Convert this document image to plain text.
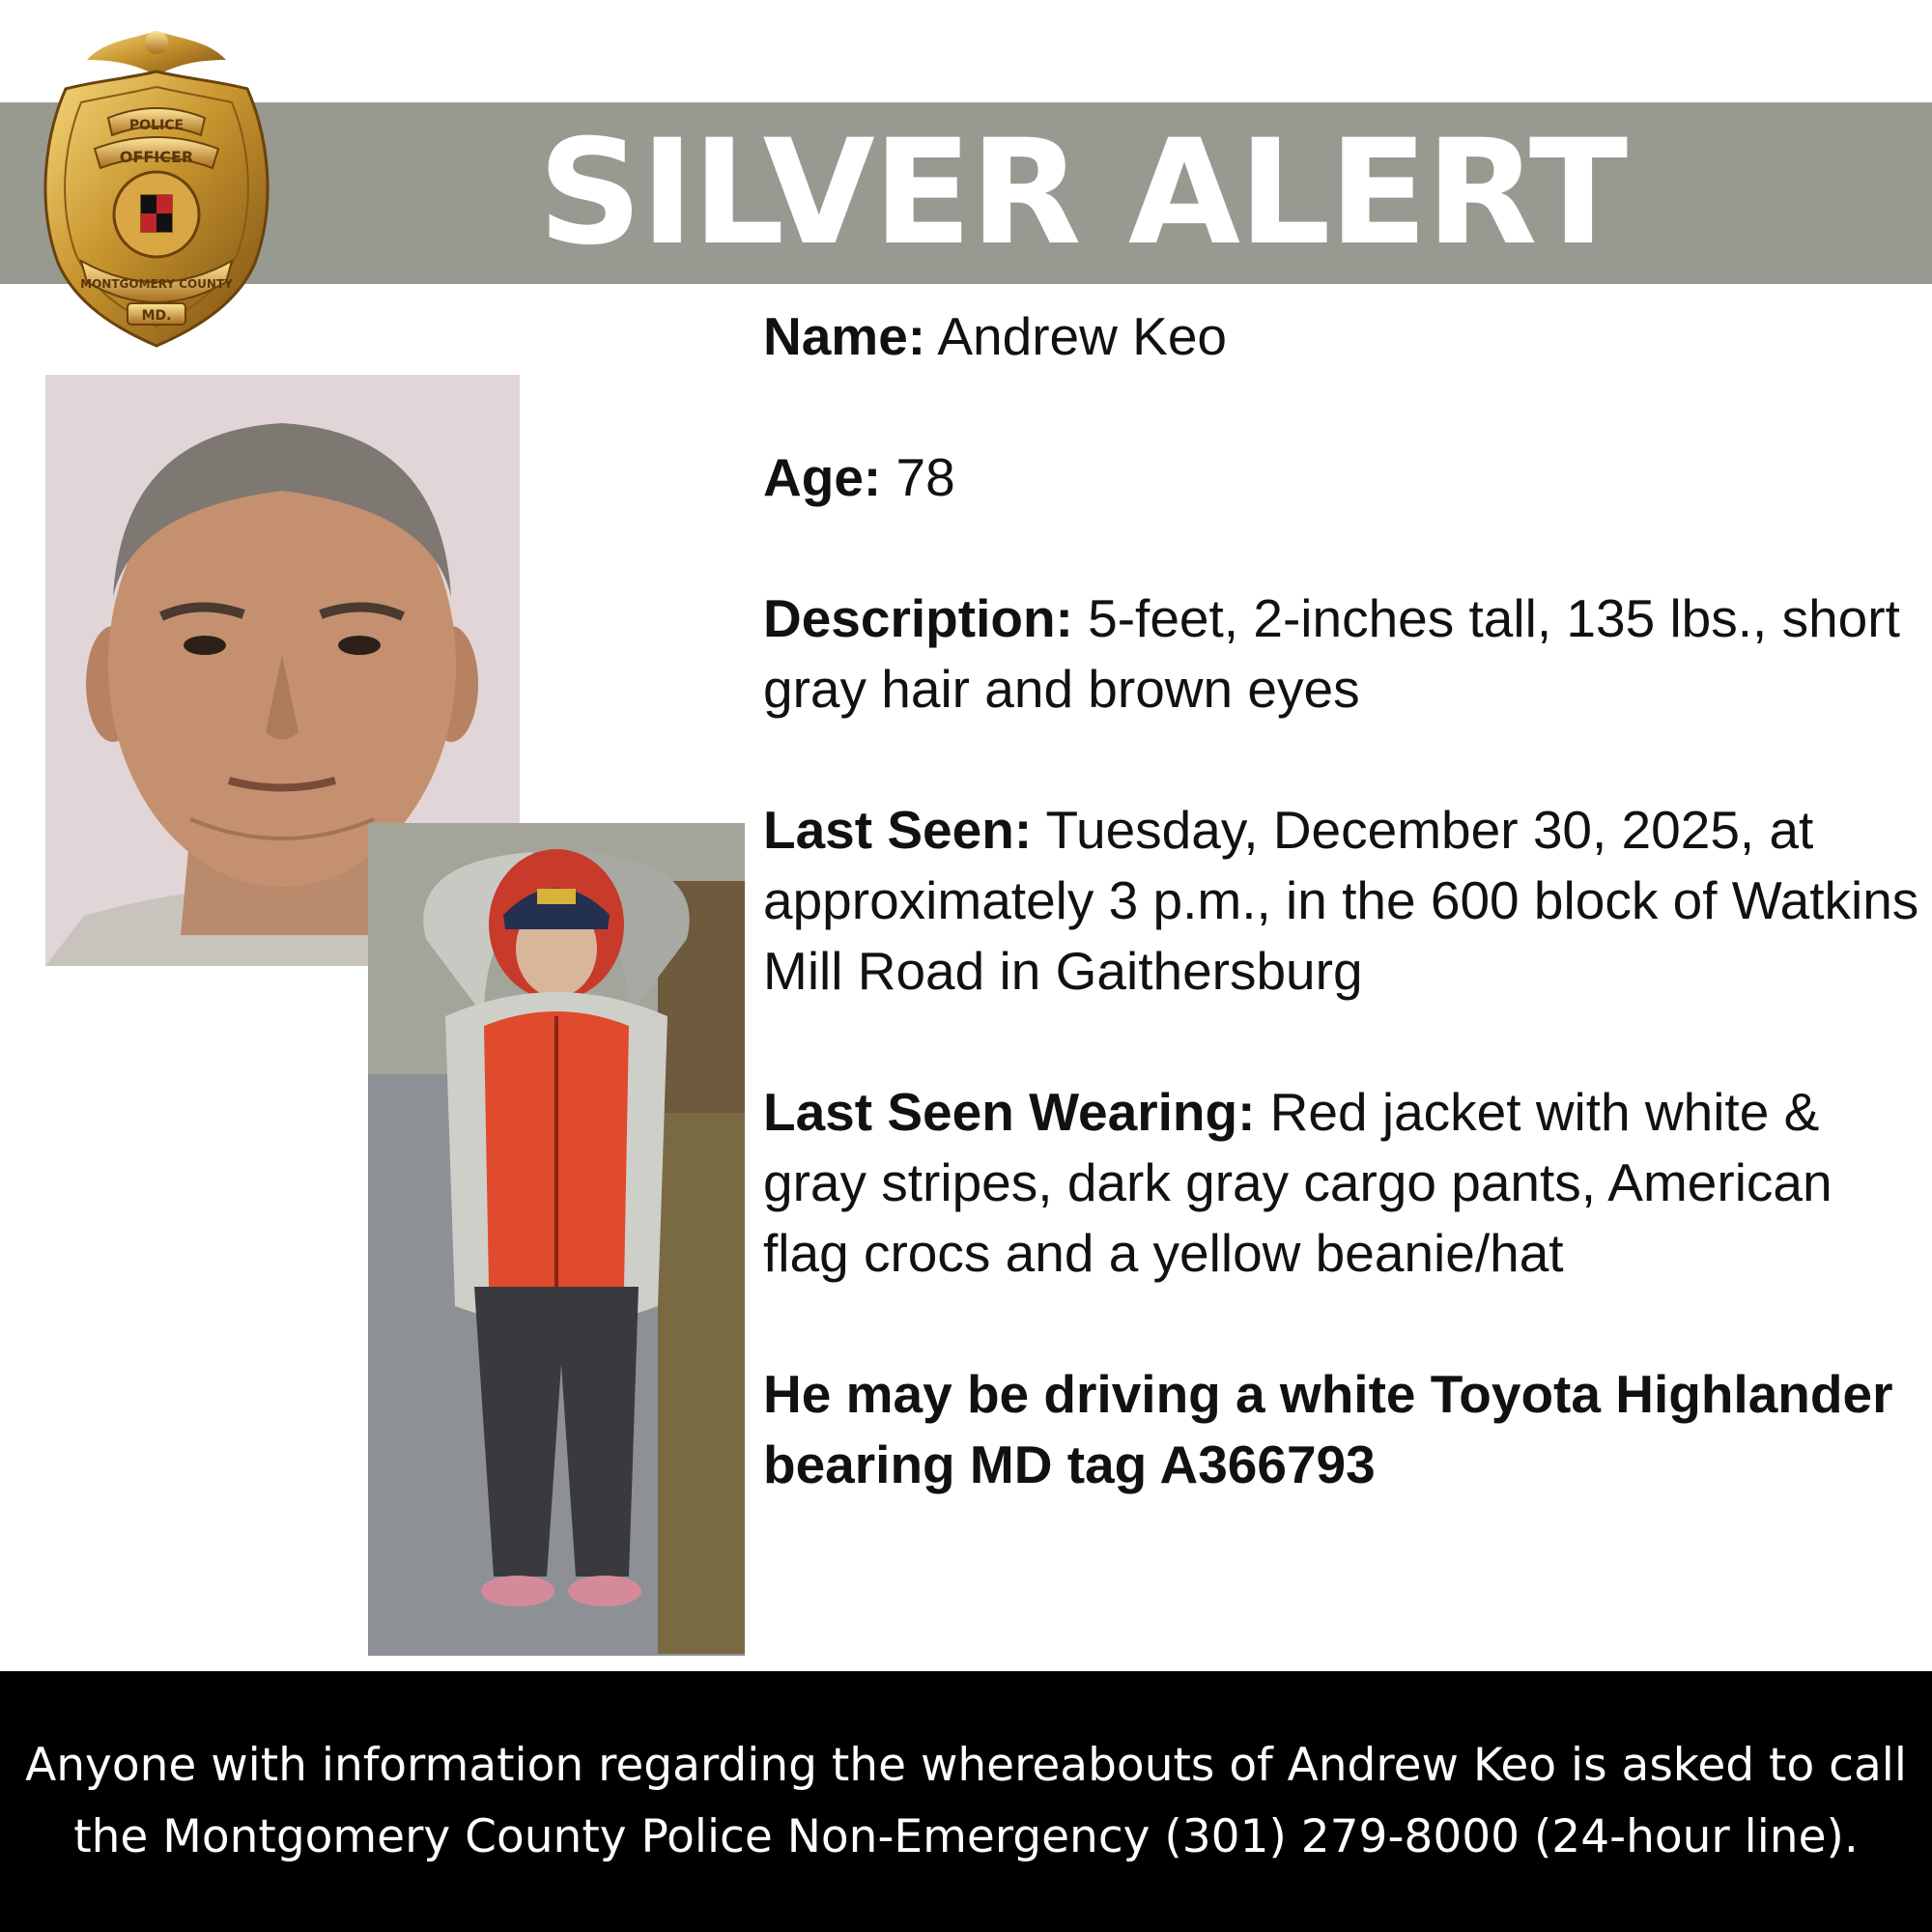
SILVER ALERT
POLICE
OFFICER
MONTGOMERY COUNTY
MD.	Name: Andrew Keo

Age: 78

Description: 5-feet, 2-inches tall, 135 lbs., short gray hair and brown eyes

Last Seen: Tuesday, December 30, 2025, at approximately 3 p.m., in the 600 block of Watkins Mill Road in Gaithersburg

Last Seen Wearing: Red jacket with white & gray stripes, dark gray cargo pants, American flag crocs and a yellow beanie/hat

He may be driving a white Toyota Highlander bearing MD tag A366793

Anyone with information regarding the whereabouts of Andrew Keo is asked to call the Montgomery County Police Non-Emergency (301) 279-8000 (24-hour line).
